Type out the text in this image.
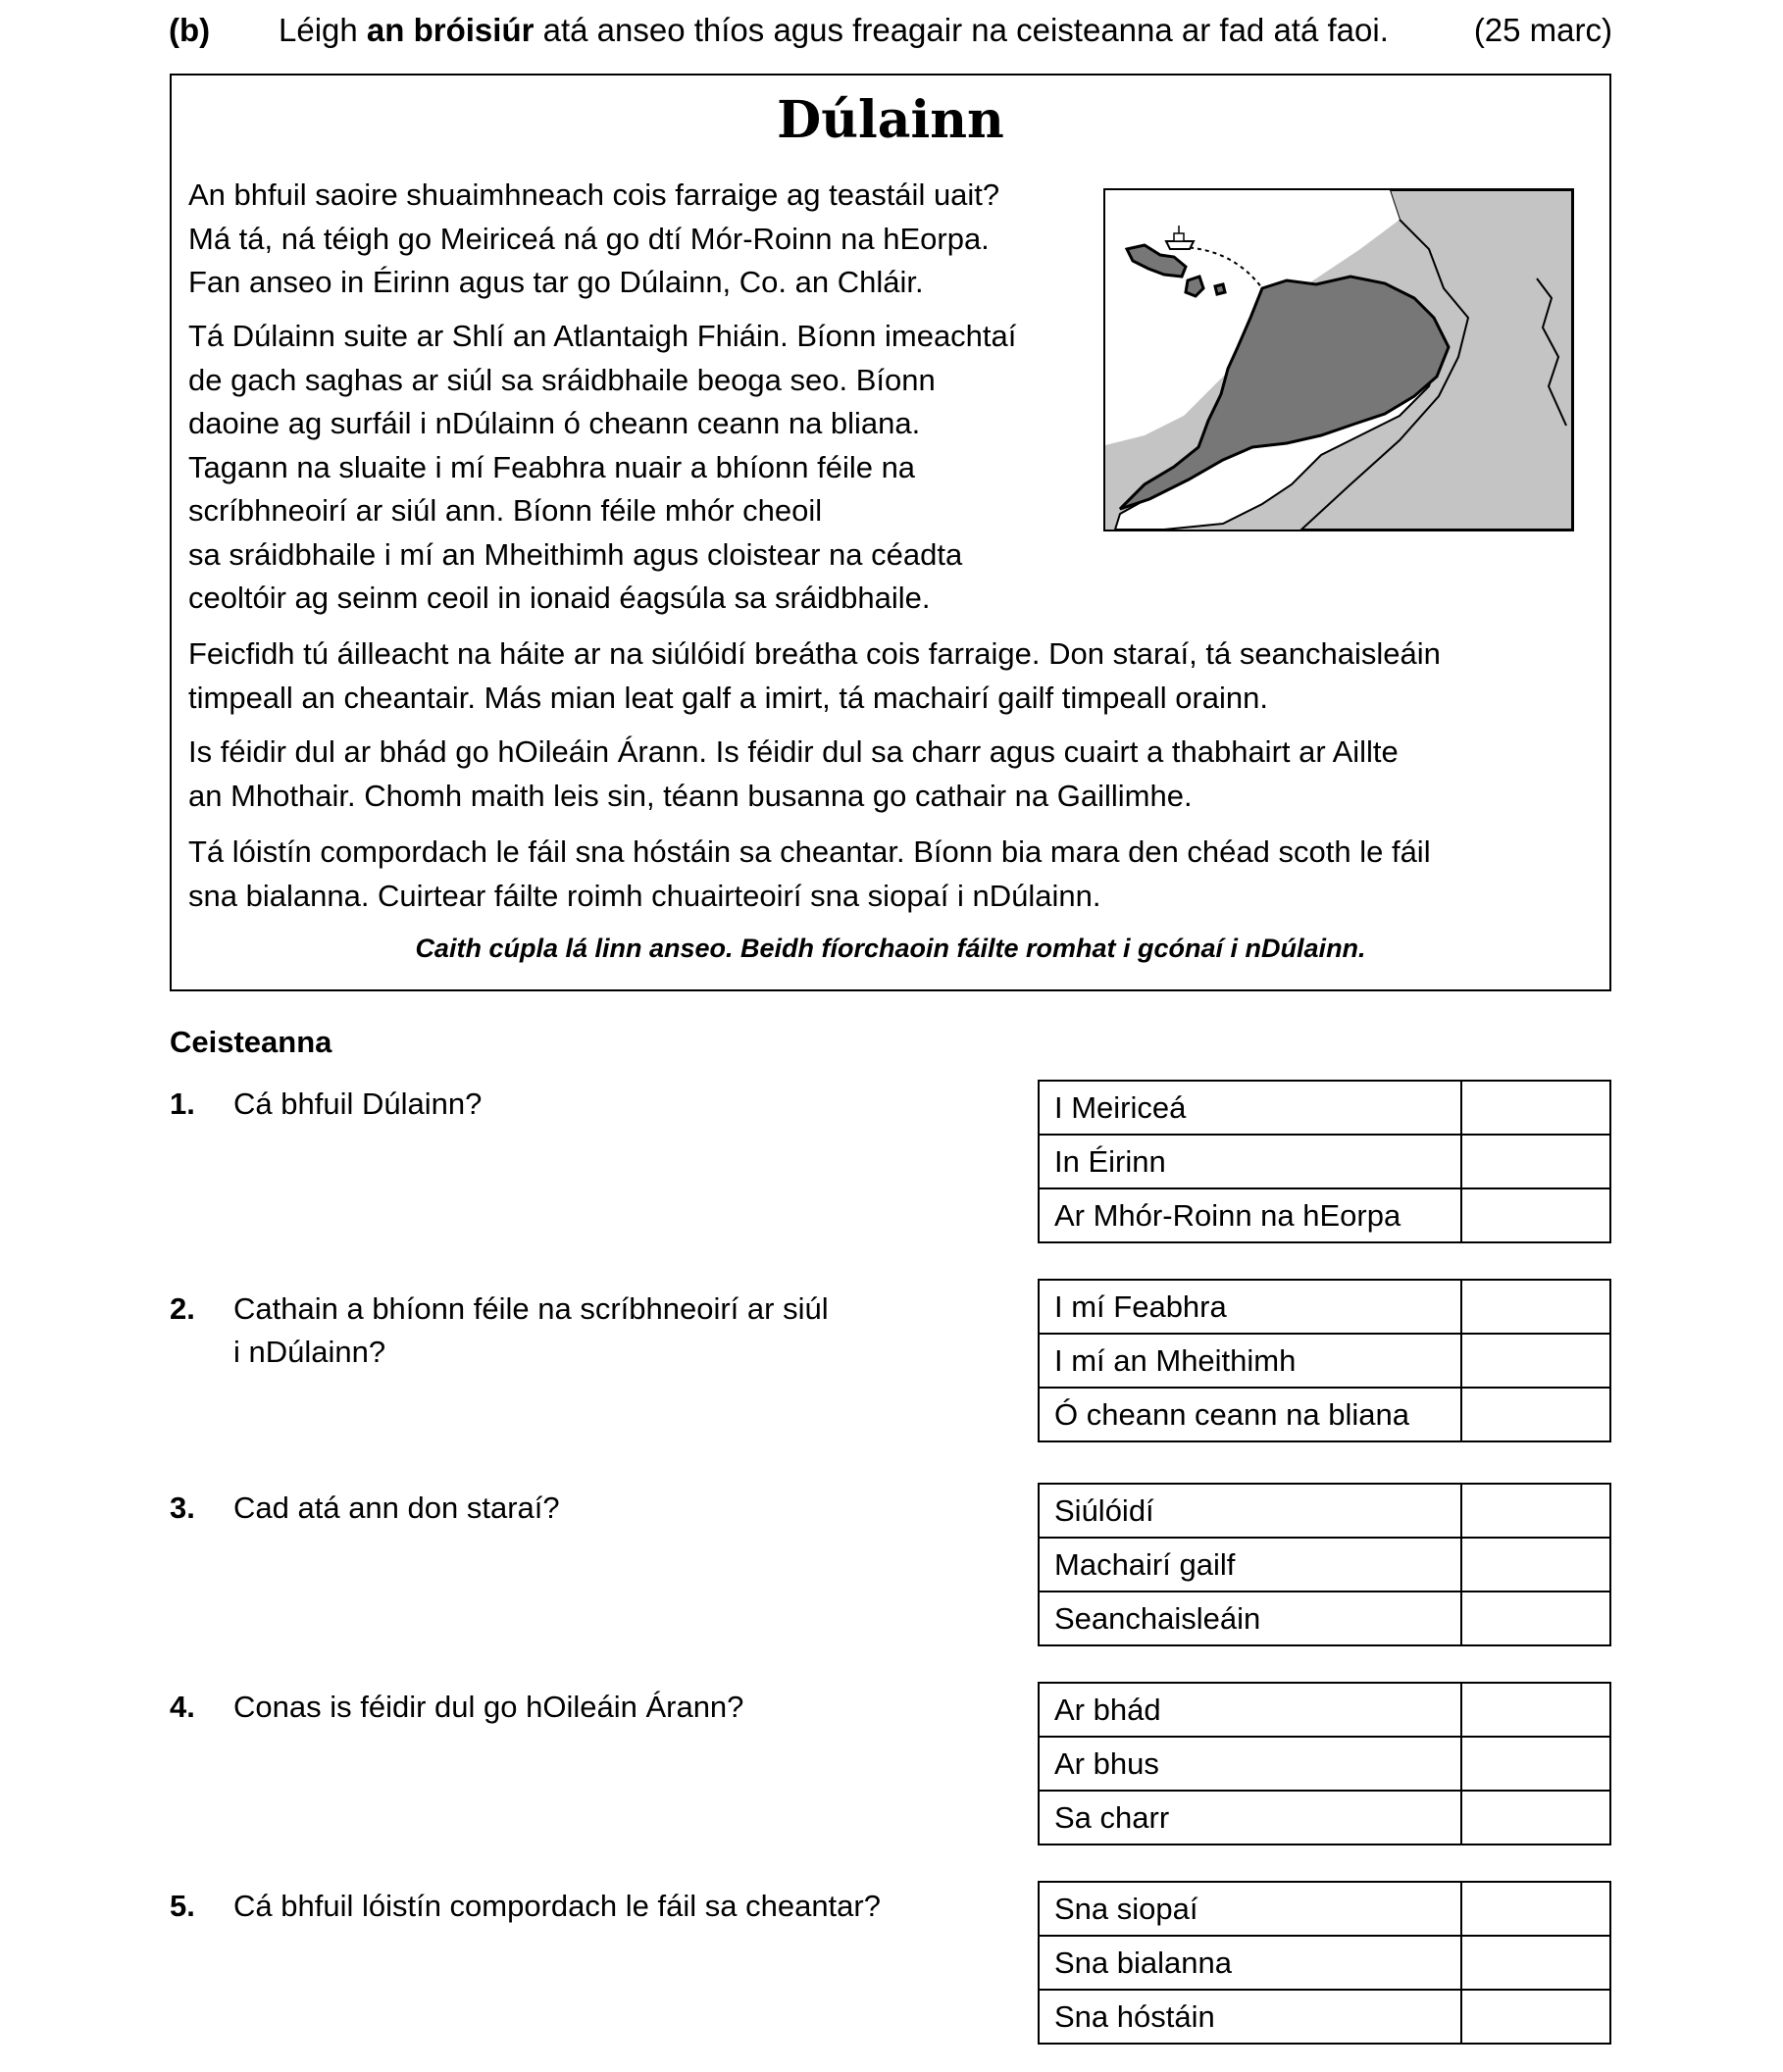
(b) Léigh an bróisiúr atá anseo thíos agus freagair na ceisteanna ar fad atá faoi.	(25 marc)
Dúlainn
An bhfuil saoire shuaimhneach cois farraige ag teastáil uait?
Má tá, ná téigh go Meiriceá ná go dtí Mór-Roinn na hEorpa.
Fan anseo in Éirinn agus tar go Dúlainn, Co. an Chláir.
Tá Dúlainn suite ar Shlí an Atlantaigh Fhiáin. Bíonn imeachtaí
de gach saghas ar siúl sa sráidbhaile beoga seo. Bíonn
daoine ag surfáil i nDúlainn ó cheann ceann na bliana.
Tagann na sluaite i mí Feabhra nuair a bhíonn féile na
scríbhneoirí ar siúl ann. Bíonn féile mhór cheoil
sa sráidbhaile i mí an Mheithimh agus cloistear na céadta
ceoltóir ag seinm ceoil in ionaid éagsúla sa sráidbhaile.
Feicfidh tú áilleacht na háite ar na siúlóidí breátha cois farraige. Don staraí, tá seanchaisleáin
timpeall an cheantair. Más mian leat galf a imirt, tá machairí gailf timpeall orainn.
Is féidir dul ar bhád go hOileáin Árann. Is féidir dul sa charr agus cuairt a thabhairt ar Aillte
an Mhothair. Chomh maith leis sin, téann busanna go cathair na Gaillimhe.
Tá lóistín compordach le fáil sna hóstáin sa cheantar. Bíonn bia mara den chéad scoth le fáil
sna bialanna. Cuirtear fáilte roimh chuairteoirí sna siopaí i nDúlainn.
Caith cúpla lá linn anseo. Beidh fíorchaoin fáilte romhat i gcónaí i nDúlainn.
Ceisteanna
1. Cá bhfuil Dúlainn?	I Meiriceá	
In Éirinn	
Ar Mhór-Roinn na hEorpa	
2. Cathain a bhíonn féile na scríbhneoirí ar siúl
i nDúlainn?
I mí Feabhra	
I mí an Mheithimh	
Ó cheann ceann na bliana	
3. Cad atá ann don staraí?	Siúlóidí	
Machairí gailf	
Seanchaisleáin	
4. Conas is féidir dul go hOileáin Árann?	Ar bhád	
Ar bhus	
Sa charr	
5. Cá bhfuil lóistín compordach le fáil sa cheantar?	Sna siopaí	
Sna bialanna	
Sna hóstáin	
